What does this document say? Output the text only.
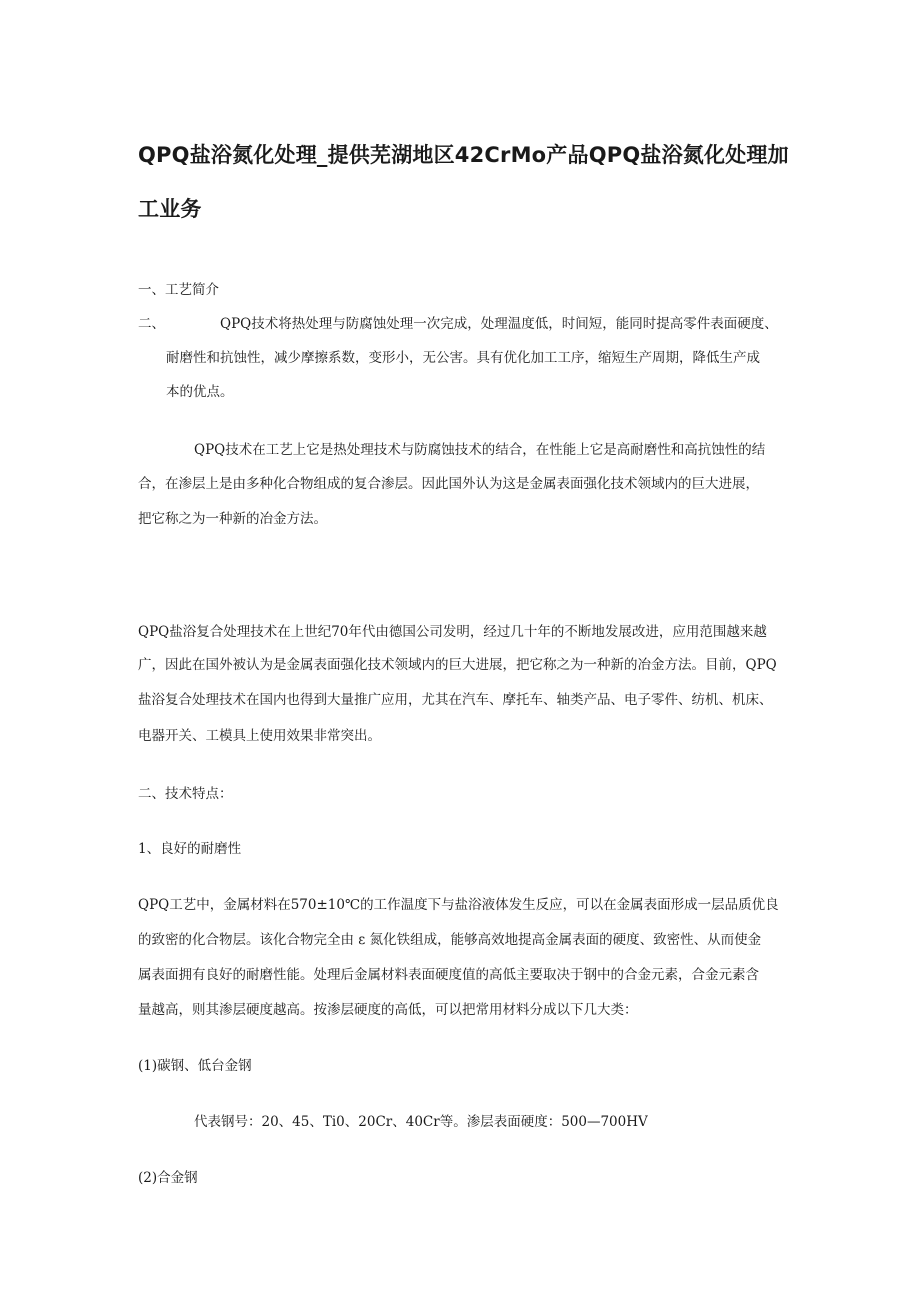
QPQ盐浴氮化处理_提供芜湖地区42CrMo产品QPQ盐浴氮化处理加工业务

一、工艺简介

二、	QPQ技术将热处理与防腐蚀处理一次完成，处理温度低，时间短，能同时提高零件表面硬度、

耐磨性和抗蚀性，减少摩擦系数，变形小，无公害。具有优化加工工序，缩短生产周期，降低生产成

本的优点。

QPQ技术在工艺上它是热处理技术与防腐蚀技术的结合，在性能上它是高耐磨性和高抗蚀性的结

合，在渗层上是由多种化合物组成的复合渗层。因此国外认为这是金属表面强化技术领域内的巨大进展，

把它称之为一种新的冶金方法。

QPQ盐浴复合处理技术在上世纪70年代由德国公司发明，经过几十年的不断地发展改进，应用范围越来越

广，因此在国外被认为是金属表面强化技术领域内的巨大进展，把它称之为一种新的冶金方法。目前，QPQ

盐浴复合处理技术在国内也得到大量推广应用，尤其在汽车、摩托车、轴类产品、电子零件、纺机、机床、

电器开关、工模具上使用效果非常突出。

二、技术特点：

1、良好的耐磨性

QPQ工艺中，金属材料在570±10℃的工作温度下与盐浴液体发生反应，可以在金属表面形成一层品质优良

的致密的化合物层。该化合物完全由 ε 氮化铁组成，能够高效地提高金属表面的硬度、致密性、从而使金

属表面拥有良好的耐磨性能。处理后金属材料表面硬度值的高低主要取决于钢中的合金元素，合金元素含

量越高，则其渗层硬度越高。按渗层硬度的高低，可以把常用材料分成以下几大类：

(1)碳钢、低台金钢

代表钢号：20、45、Ti0、20Cr、40Cr等。渗层表面硬度：500—700HV

(2)合金钢
